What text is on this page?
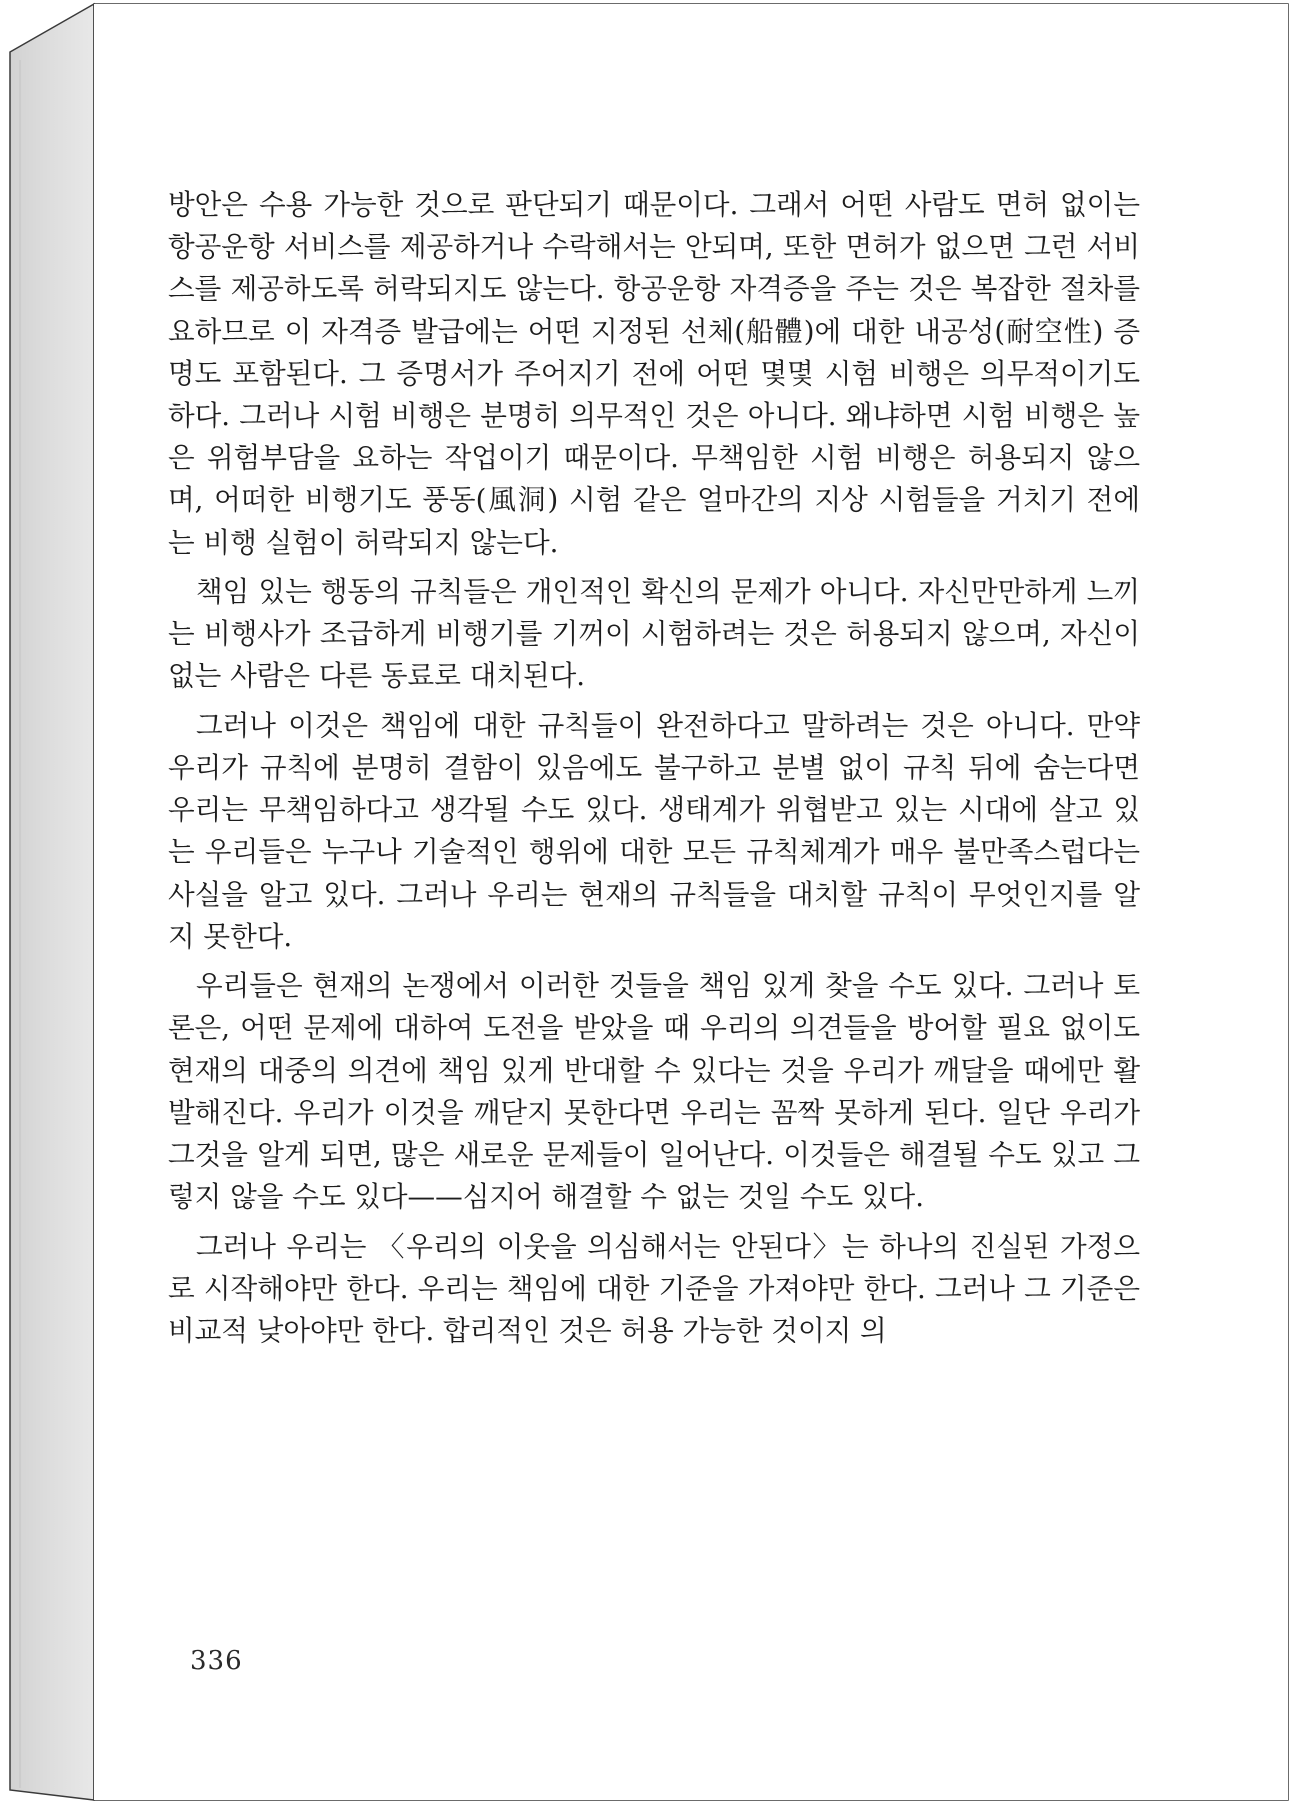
방안은 수용 가능한 것으로 판단되기 때문이다. 그래서 어떤 사람도 면허 없이는 항공운항 서비스를 제공하거나 수락해서는 안되며, 또한 면허가 없으면 그런 서비스를 제공하도록 허락되지도 않는다. 항공운항 자격증을 주는 것은 복잡한 절차를 요하므로 이 자격증 발급에는 어떤 지정된 선체(船體)에 대한 내공성(耐空性) 증명도 포함된다. 그 증명서가 주어지기 전에 어떤 몇몇 시험 비행은 의무적이기도 하다. 그러나 시험 비행은 분명히 의무적인 것은 아니다. 왜냐하면 시험 비행은 높은 위험부담을 요하는 작업이기 때문이다. 무책임한 시험 비행은 허용되지 않으며, 어떠한 비행기도 풍동(風洞) 시험 같은 얼마간의 지상 시험들을 거치기 전에는 비행 실험이 허락되지 않는다.

책임 있는 행동의 규칙들은 개인적인 확신의 문제가 아니다. 자신만만하게 느끼는 비행사가 조급하게 비행기를 기꺼이 시험하려는 것은 허용되지 않으며, 자신이 없는 사람은 다른 동료로 대치된다.

그러나 이것은 책임에 대한 규칙들이 완전하다고 말하려는 것은 아니다. 만약 우리가 규칙에 분명히 결함이 있음에도 불구하고 분별 없이 규칙 뒤에 숨는다면 우리는 무책임하다고 생각될 수도 있다. 생태계가 위협받고 있는 시대에 살고 있는 우리들은 누구나 기술적인 행위에 대한 모든 규칙체계가 매우 불만족스럽다는 사실을 알고 있다. 그러나 우리는 현재의 규칙들을 대치할 규칙이 무엇인지를 알지 못한다.

우리들은 현재의 논쟁에서 이러한 것들을 책임 있게 찾을 수도 있다. 그러나 토론은, 어떤 문제에 대하여 도전을 받았을 때 우리의 의견들을 방어할 필요 없이도 현재의 대중의 의견에 책임 있게 반대할 수 있다는 것을 우리가 깨달을 때에만 활발해진다. 우리가 이것을 깨닫지 못한다면 우리는 꼼짝 못하게 된다. 일단 우리가 그것을 알게 되면, 많은 새로운 문제들이 일어난다. 이것들은 해결될 수도 있고 그렇지 않을 수도 있다——심지어 해결할 수 없는 것일 수도 있다.

그러나 우리는 〈우리의 이웃을 의심해서는 안된다〉는 하나의 진실된 가정으로 시작해야만 한다. 우리는 책임에 대한 기준을 가져야만 한다. 그러나 그 기준은 비교적 낮아야만 한다. 합리적인 것은 허용 가능한 것이지 의

336
